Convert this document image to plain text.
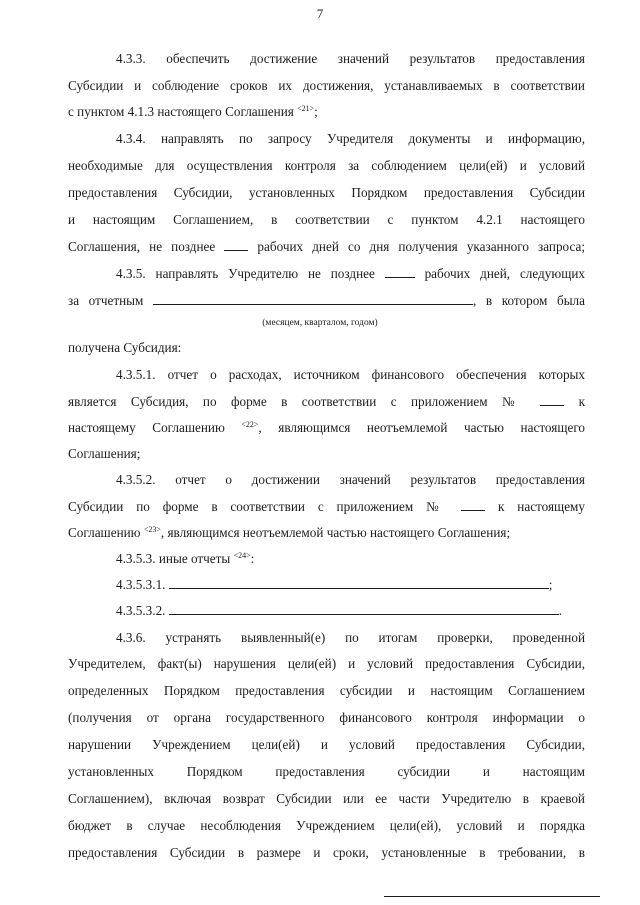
7
4.3.3. обеспечить достижение значений результатов предоставления
Субсидии и соблюдение сроков их достижения, устанавливаемых в соответствии
с пунктом 4.1.3 настоящего Соглашения $^{<21>}$;
4.3.4. направлять по запросу Учредителя документы и информацию,
необходимые для осуществления контроля за соблюдением цели(ей) и условий
предоставления Субсидии, установленных Порядком предоставления Субсидии
и настоящим Соглашением, в соответствии с пунктом 4.2.1 настоящего
Соглашения, не позднее	рабочих дней со дня получения указанного запроса;
4.3.5. направлять Учредителю не позднее	рабочих дней, следующих
за отчетным	, в котором была
(месяцем, кварталом, годом)
получена Субсидия:
4.3.5.1. отчет о расходах, источником финансового обеспечения которых
является Субсидия, по форме в соответствии с приложением №	к
настоящему Соглашению $^{<22>}$, являющимся неотъемлемой частью настоящего
Соглашения;
4.3.5.2. отчет о достижении значений результатов предоставления
Субсидии по форме в соответствии с приложением №	к настоящему
Соглашению $^{<23>}$, являющимся неотъемлемой частью настоящего Соглашения;
4.3.5.3. иные отчеты $^{<24>}$:
4.3.5.3.1.	;
4.3.5.3.2.	.
4.3.6. устранять выявленный(е) по итогам проверки, проведенной
Учредителем, факт(ы) нарушения цели(ей) и условий предоставления Субсидии,
определенных Порядком предоставления субсидии и настоящим Соглашением
(получения от органа государственного финансового контроля информации о
нарушении Учреждением цели(ей) и условий предоставления Субсидии,
установленных Порядком предоставления субсидии и настоящим
Соглашением), включая возврат Субсидии или ее части Учредителю в краевой
бюджет в случае несоблюдения Учреждением цели(ей), условий и порядка
предоставления Субсидии в размере и сроки, установленные в требовании, в
